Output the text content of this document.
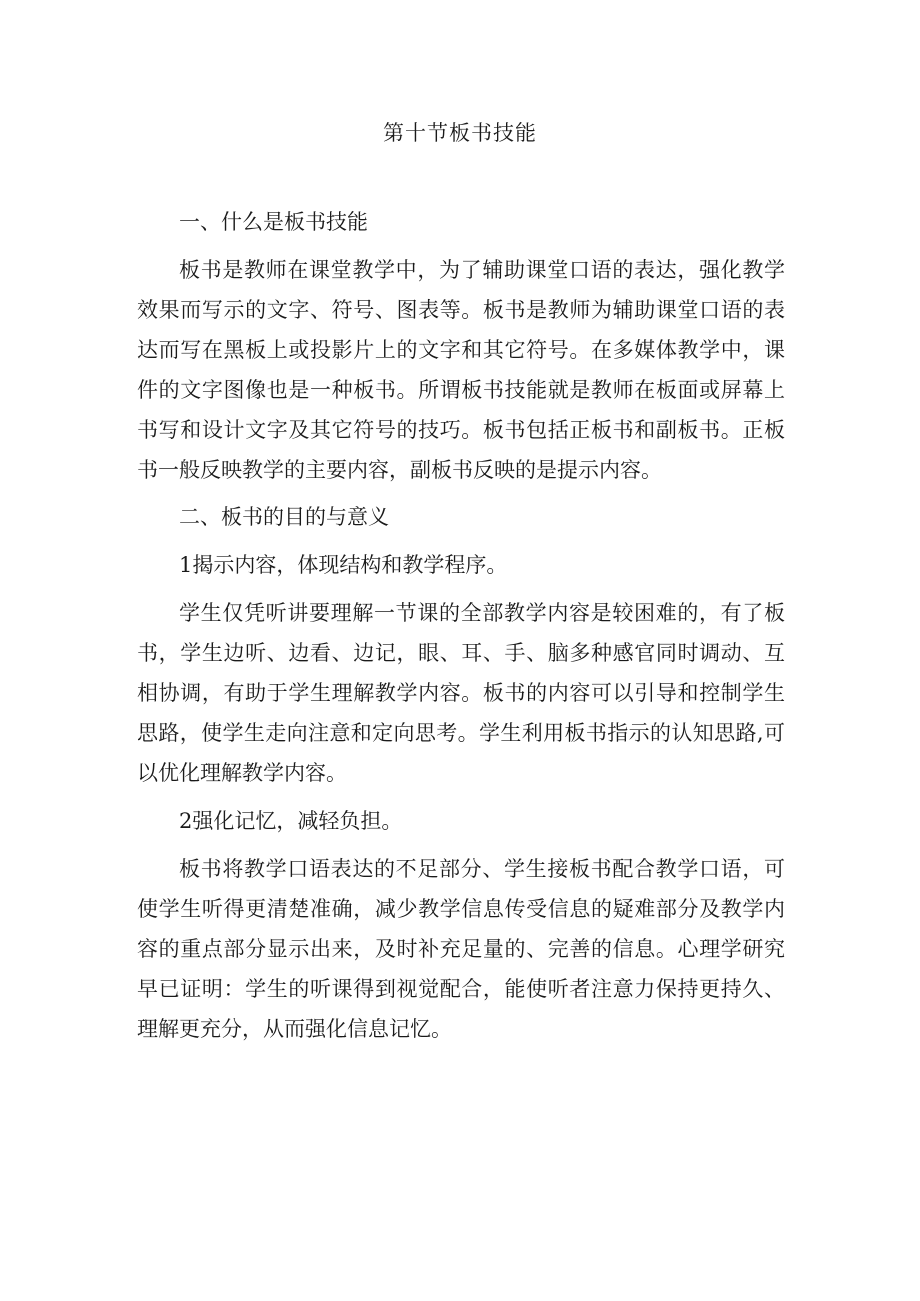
第十节板书技能

一、什么是板书技能

板书是教师在课堂教学中，为了辅助课堂口语的表达，强化教学效果而写示的文字、符号、图表等。板书是教师为辅助课堂口语的表达而写在黑板上或投影片上的文字和其它符号。在多媒体教学中，课件的文字图像也是一种板书。所谓板书技能就是教师在板面或屏幕上书写和设计文字及其它符号的技巧。板书包括正板书和副板书。正板书一般反映教学的主要内容，副板书反映的是提示内容。

二、板书的目的与意义

1揭示内容，体现结构和教学程序。

学生仅凭听讲要理解一节课的全部教学内容是较困难的，有了板书，学生边听、边看、边记，眼、耳、手、脑多种感官同时调动、互相协调，有助于学生理解教学内容。板书的内容可以引导和控制学生思路，使学生走向注意和定向思考。学生利用板书指示的认知思路,可以优化理解教学内容。

2强化记忆，减轻负担。

板书将教学口语表达的不足部分、学生接板书配合教学口语，可使学生听得更清楚准确，减少教学信息传受信息的疑难部分及教学内容的重点部分显示出来，及时补充足量的、完善的信息。心理学研究早已证明：学生的听课得到视觉配合，能使听者注意力保持更持久、理解更充分，从而强化信息记忆。
